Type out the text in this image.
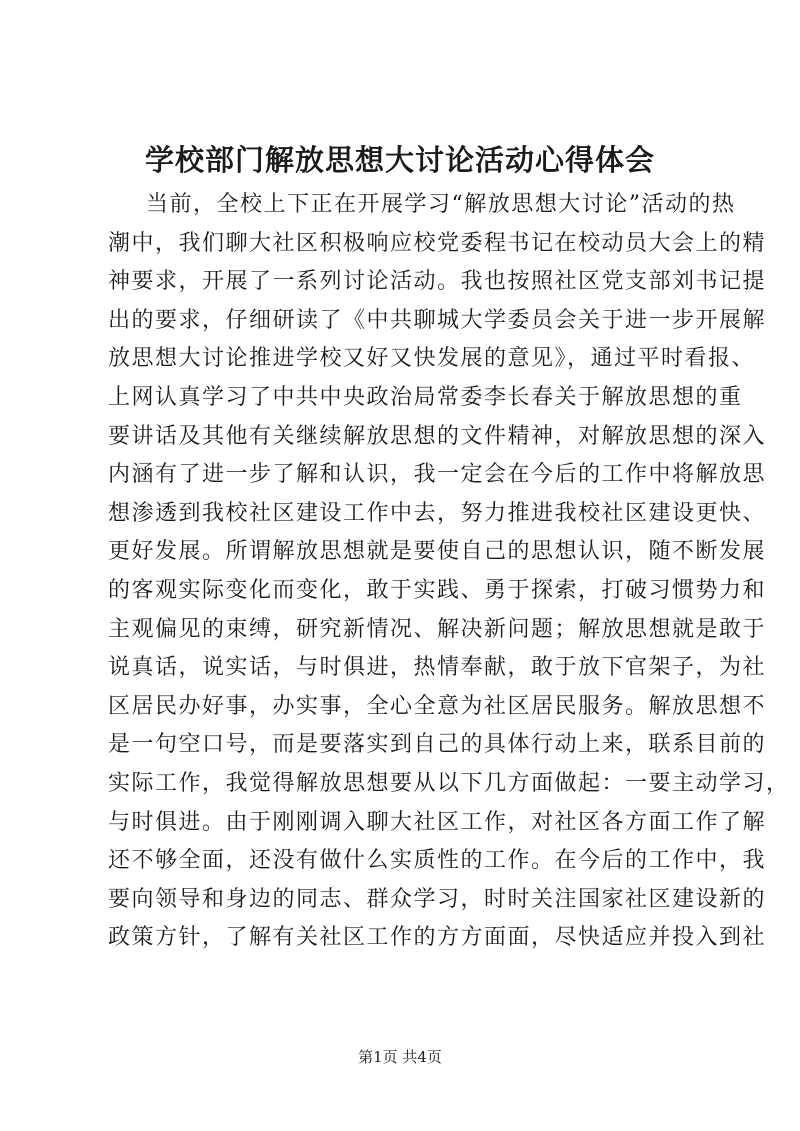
学校部门解放思想大讨论活动心得体会
当前，全校上下正在开展学习“解放思想大讨论”活动的热
潮中，我们聊大社区积极响应校党委程书记在校动员大会上的精
神要求，开展了一系列讨论活动。我也按照社区党支部刘书记提
出的要求，仔细研读了《中共聊城大学委员会关于进一步开展解
放思想大讨论推进学校又好又快发展的意见》，通过平时看报、
上网认真学习了中共中央政治局常委李长春关于解放思想的重
要讲话及其他有关继续解放思想的文件精神，对解放思想的深入
内涵有了进一步了解和认识，我一定会在今后的工作中将解放思
想渗透到我校社区建设工作中去，努力推进我校社区建设更快、
更好发展。所谓解放思想就是要使自己的思想认识，随不断发展
的客观实际变化而变化，敢于实践、勇于探索，打破习惯势力和
主观偏见的束缚，研究新情况、解决新问题；解放思想就是敢于
说真话，说实话，与时俱进，热情奉献，敢于放下官架子，为社
区居民办好事，办实事，全心全意为社区居民服务。解放思想不
是一句空口号，而是要落实到自己的具体行动上来，联系目前的
实际工作，我觉得解放思想要从以下几方面做起：一要主动学习，
与时俱进。由于刚刚调入聊大社区工作，对社区各方面工作了解
还不够全面，还没有做什么实质性的工作。在今后的工作中，我
要向领导和身边的同志、群众学习，时时关注国家社区建设新的
政策方针，了解有关社区工作的方方面面，尽快适应并投入到社
第1页 共4页
